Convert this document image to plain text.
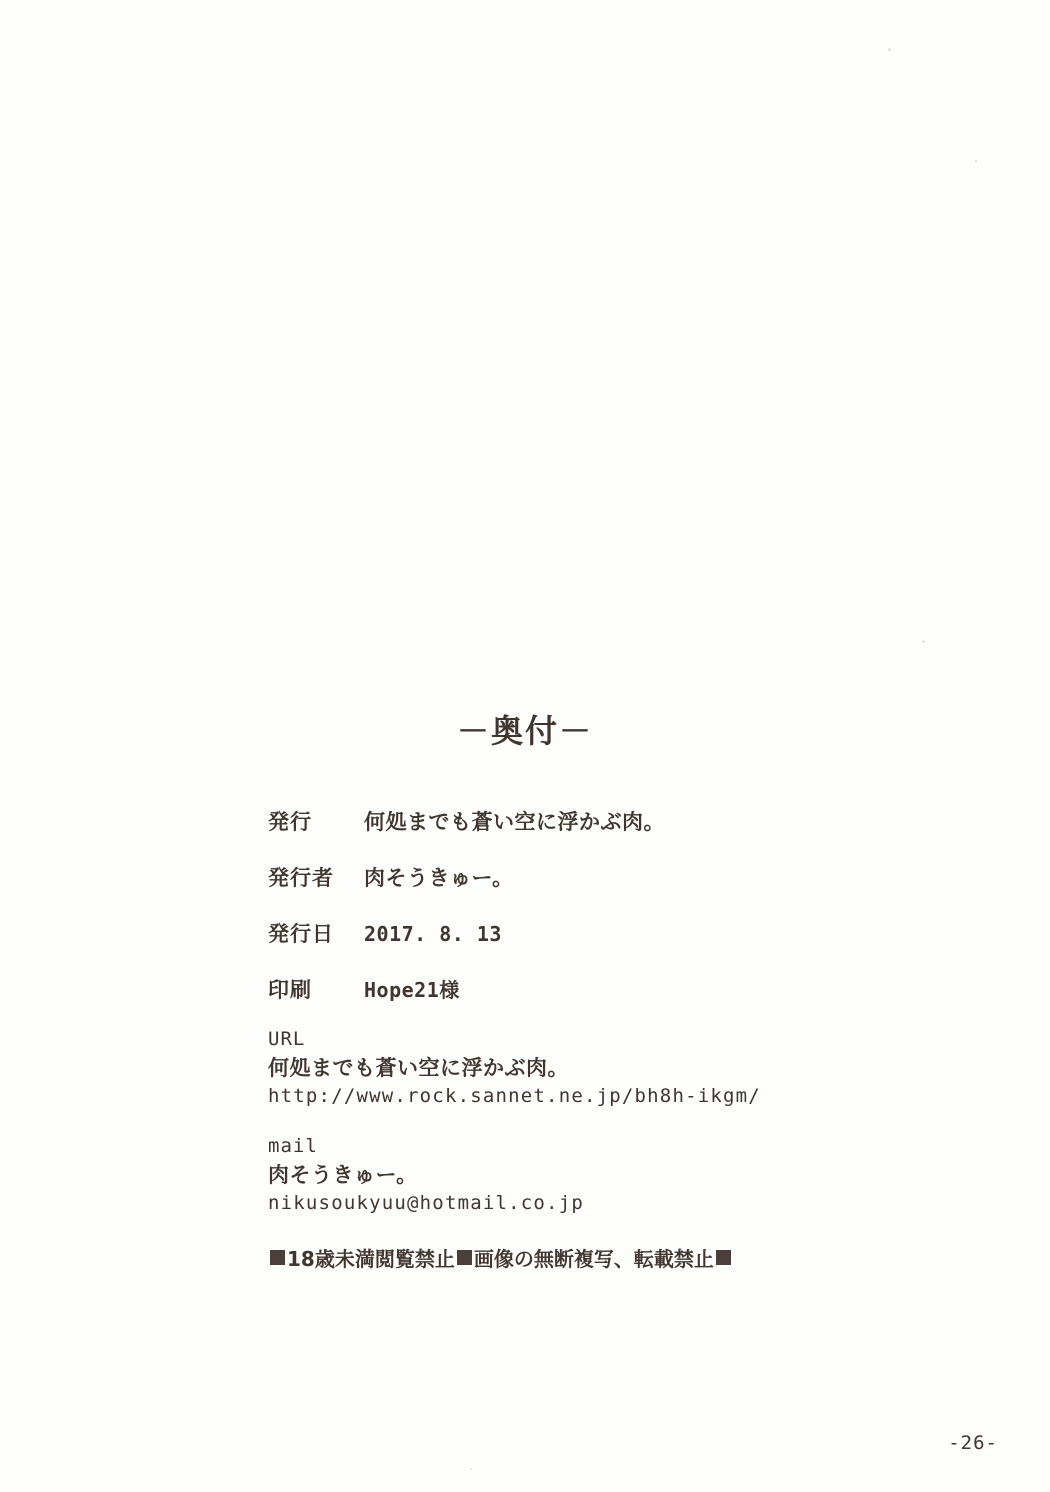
－奥付－
発行	何処までも蒼い空に浮かぶ肉。
発行者	肉そうきゅー。
発行日	2017. 8. 13
印刷	Hope21様
URL
何処までも蒼い空に浮かぶ肉。
http://www.rock.sannet.ne.jp/bh8h-ikgm/
mail
肉そうきゅー。
nikusoukyuu@hotmail.co.jp
18歳未満閲覧禁止 画像の無断複写、転載禁止
-26-
